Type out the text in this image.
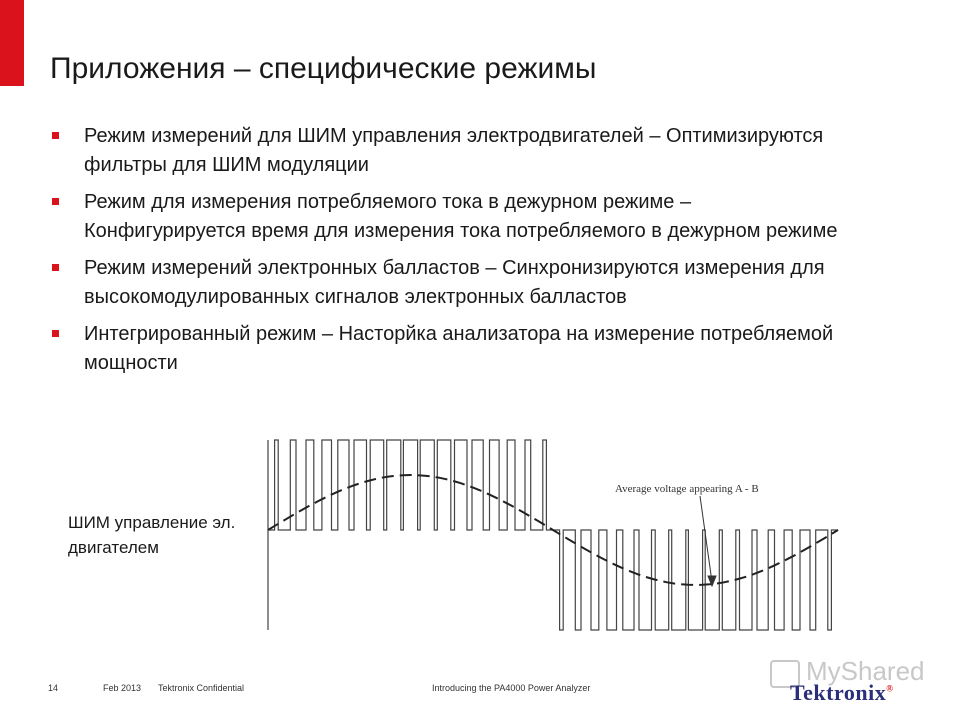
Приложения – специфические режимы
Режим измерений для ШИМ управления электродвигателей – Оптимизируются фильтры для ШИМ модуляции
Режим для измерения потребляемого тока в дежурном режиме – Конфигурируется время для измерения тока потребляемого в дежурном режиме
Режим измерений электронных балластов – Синхронизируются измерения для высокомодулированных сигналов электронных балластов
Интегрированный режим – Насторйка анализатора на измерение потребляемой мощности
ШИМ управление эл. двигателем
Average voltage appearing A - B
14	Feb 2013 Tektronix Confidential	Introducing the PA4000 Power Analyzer
MyShared
Tektronix®
